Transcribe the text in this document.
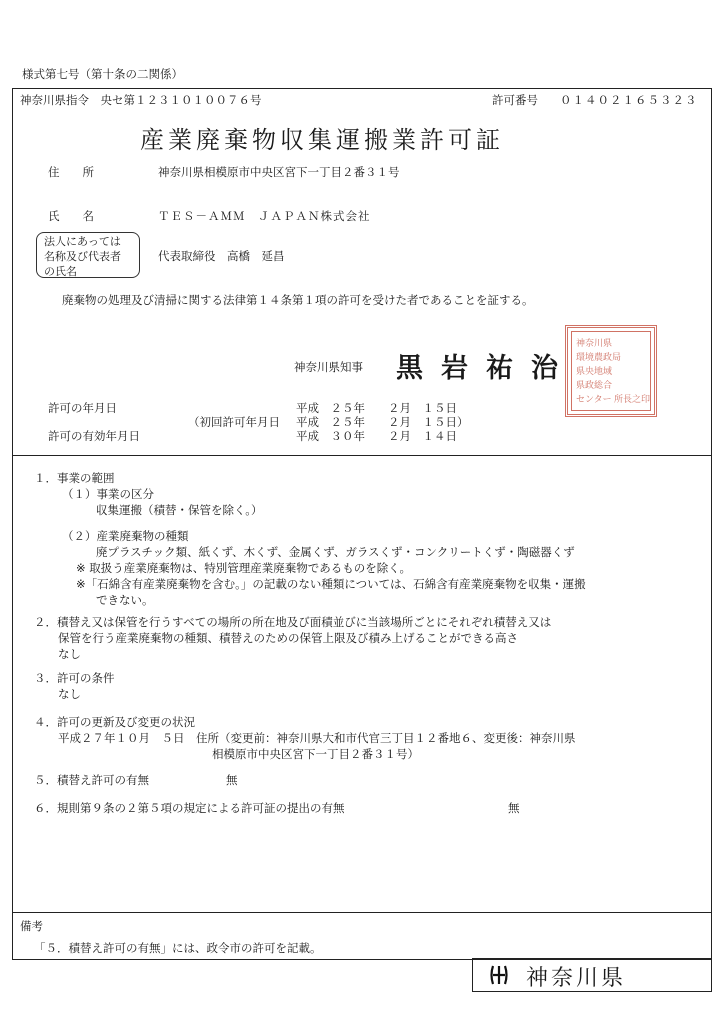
様式第七号（第十条の二関係）
神奈川県指令　央セ第１２３１０１００７６号	許可番号 ０１４０２１６５３２３
産業廃棄物収集運搬業許可証
住　　所	神奈川県相模原市中央区宮下一丁目２番３１号
氏　　名	ＴＥＳ－ＡＭＭ　ＪＡＰＡＮ株式会社
法人にあっては
名称及び代表者
の氏名
代表取締役　高橋　延昌
廃棄物の処理及び清掃に関する法律第１４条第１項の許可を受けた者であることを証する。
神奈川県知事 黒岩祐治
神奈川県
環境農政局
県央地域
県政総合
センター 所長之印
許可の年月日	平成　２５年　　２月　１５日
（初回許可年月日 平成　２５年　　２月　１５日）
許可の有効年月日	平成　３０年　　２月　１４日
１．事業の範囲
（１）事業の区分
収集運搬（積替・保管を除く。）
（２）産業廃棄物の種類
廃プラスチック類、紙くず、木くず、金属くず、ガラスくず・コンクリートくず・陶磁器くず
※ 取扱う産業廃棄物は、特別管理産業廃棄物であるものを除く。
※「石綿含有産業廃棄物を含む。」の記載のない種類については、石綿含有産業廃棄物を収集・運搬
できない。
２．積替え又は保管を行うすべての場所の所在地及び面積並びに当該場所ごとにそれぞれ積替え又は
保管を行う産業廃棄物の種類、積替えのための保管上限及び積み上げることができる高さ
なし
３．許可の条件
なし
４．許可の更新及び変更の状況
平成２７年１０月　５日　住所（変更前：神奈川県大和市代官三丁目１２番地６、変更後：神奈川県
相模原市中央区宮下一丁目２番３１号）
５．積替え許可の有無	無
６．規則第９条の２第５項の規定による許可証の提出の有無	無
備考
「５．積替え許可の有無」には、政令市の許可を記載。
神奈川県
